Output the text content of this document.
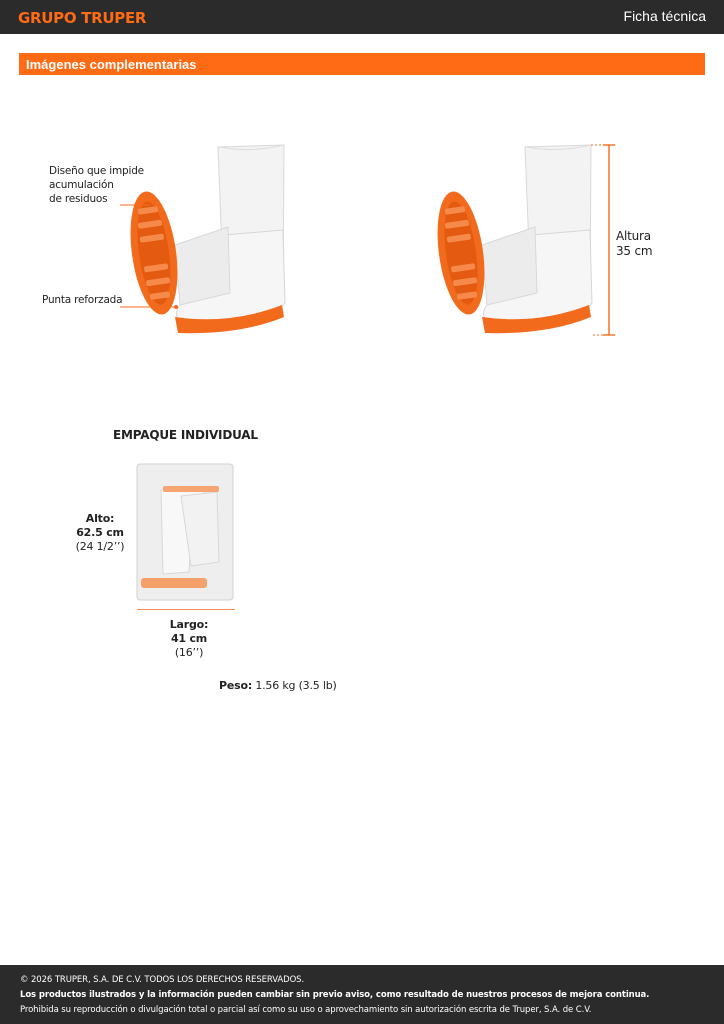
GRUPO TRUPER	Ficha técnica
Imágenes complementarias
Diseño que impide
acumulación
de residuos
Punta reforzada
Altura
35 cm
EMPAQUE INDIVIDUAL
Alto:
62.5 cm
(24 1/2’’)
Largo:
41 cm
(16’’)
Peso: 1.56 kg (3.5 lb)
© 2026 TRUPER, S.A. DE C.V. TODOS LOS DERECHOS RESERVADOS.
Los productos ilustrados y la información pueden cambiar sin previo aviso, como resultado de nuestros procesos de mejora continua.
Prohibida su reproducción o divulgación total o parcial así como su uso o aprovechamiento sin autorización escrita de Truper, S.A. de C.V.
